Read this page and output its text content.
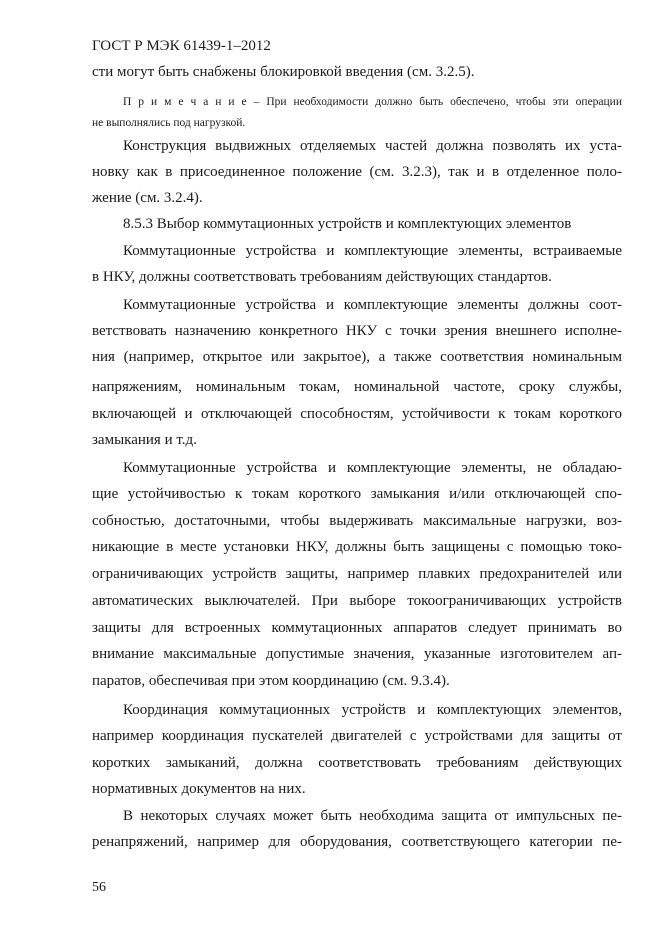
ГОСТ Р МЭК 61439-1–2012
сти могут быть снабжены блокировкой введения (см. 3.2.5).
П р и м е ч а н и е – При необходимости должно быть обеспечено, чтобы эти операции
не выполнялись под нагрузкой.
Конструкция выдвижных отделяемых частей должна позволять их уста-
новку как в присоединенное положение (см. 3.2.3), так и в отделенное поло-
жение (см. 3.2.4).
8.5.3 Выбор коммутационных устройств и комплектующих элементов
Коммутационные устройства и комплектующие элементы, встраиваемые
в НКУ, должны соответствовать требованиям действующих стандартов.
Коммутационные устройства и комплектующие элементы должны соот-
ветствовать назначению конкретного НКУ с точки зрения внешнего исполне-
ния (например, открытое или закрытое), а также соответствия номинальным
напряжениям, номинальным токам, номинальной частоте, сроку службы,
включающей и отключающей способностям, устойчивости к токам короткого
замыкания и т.д.
Коммутационные устройства и комплектующие элементы, не обладаю-
щие устойчивостью к токам короткого замыкания и/или отключающей спо-
собностью, достаточными, чтобы выдерживать максимальные нагрузки, воз-
никающие в месте установки НКУ, должны быть защищены с помощью токо-
ограничивающих устройств защиты, например плавких предохранителей или
автоматических выключателей. При выборе токоограничивающих устройств
защиты для встроенных коммутационных аппаратов следует принимать во
внимание максимальные допустимые значения, указанные изготовителем ап-
паратов, обеспечивая при этом координацию (см. 9.3.4).
Координация коммутационных устройств и комплектующих элементов,
например координация пускателей двигателей с устройствами для защиты от
коротких замыканий, должна соответствовать требованиям действующих
нормативных документов на них.
В некоторых случаях может быть необходима защита от импульсных пе-
ренапряжений, например для оборудования, соответствующего категории пе-
56
